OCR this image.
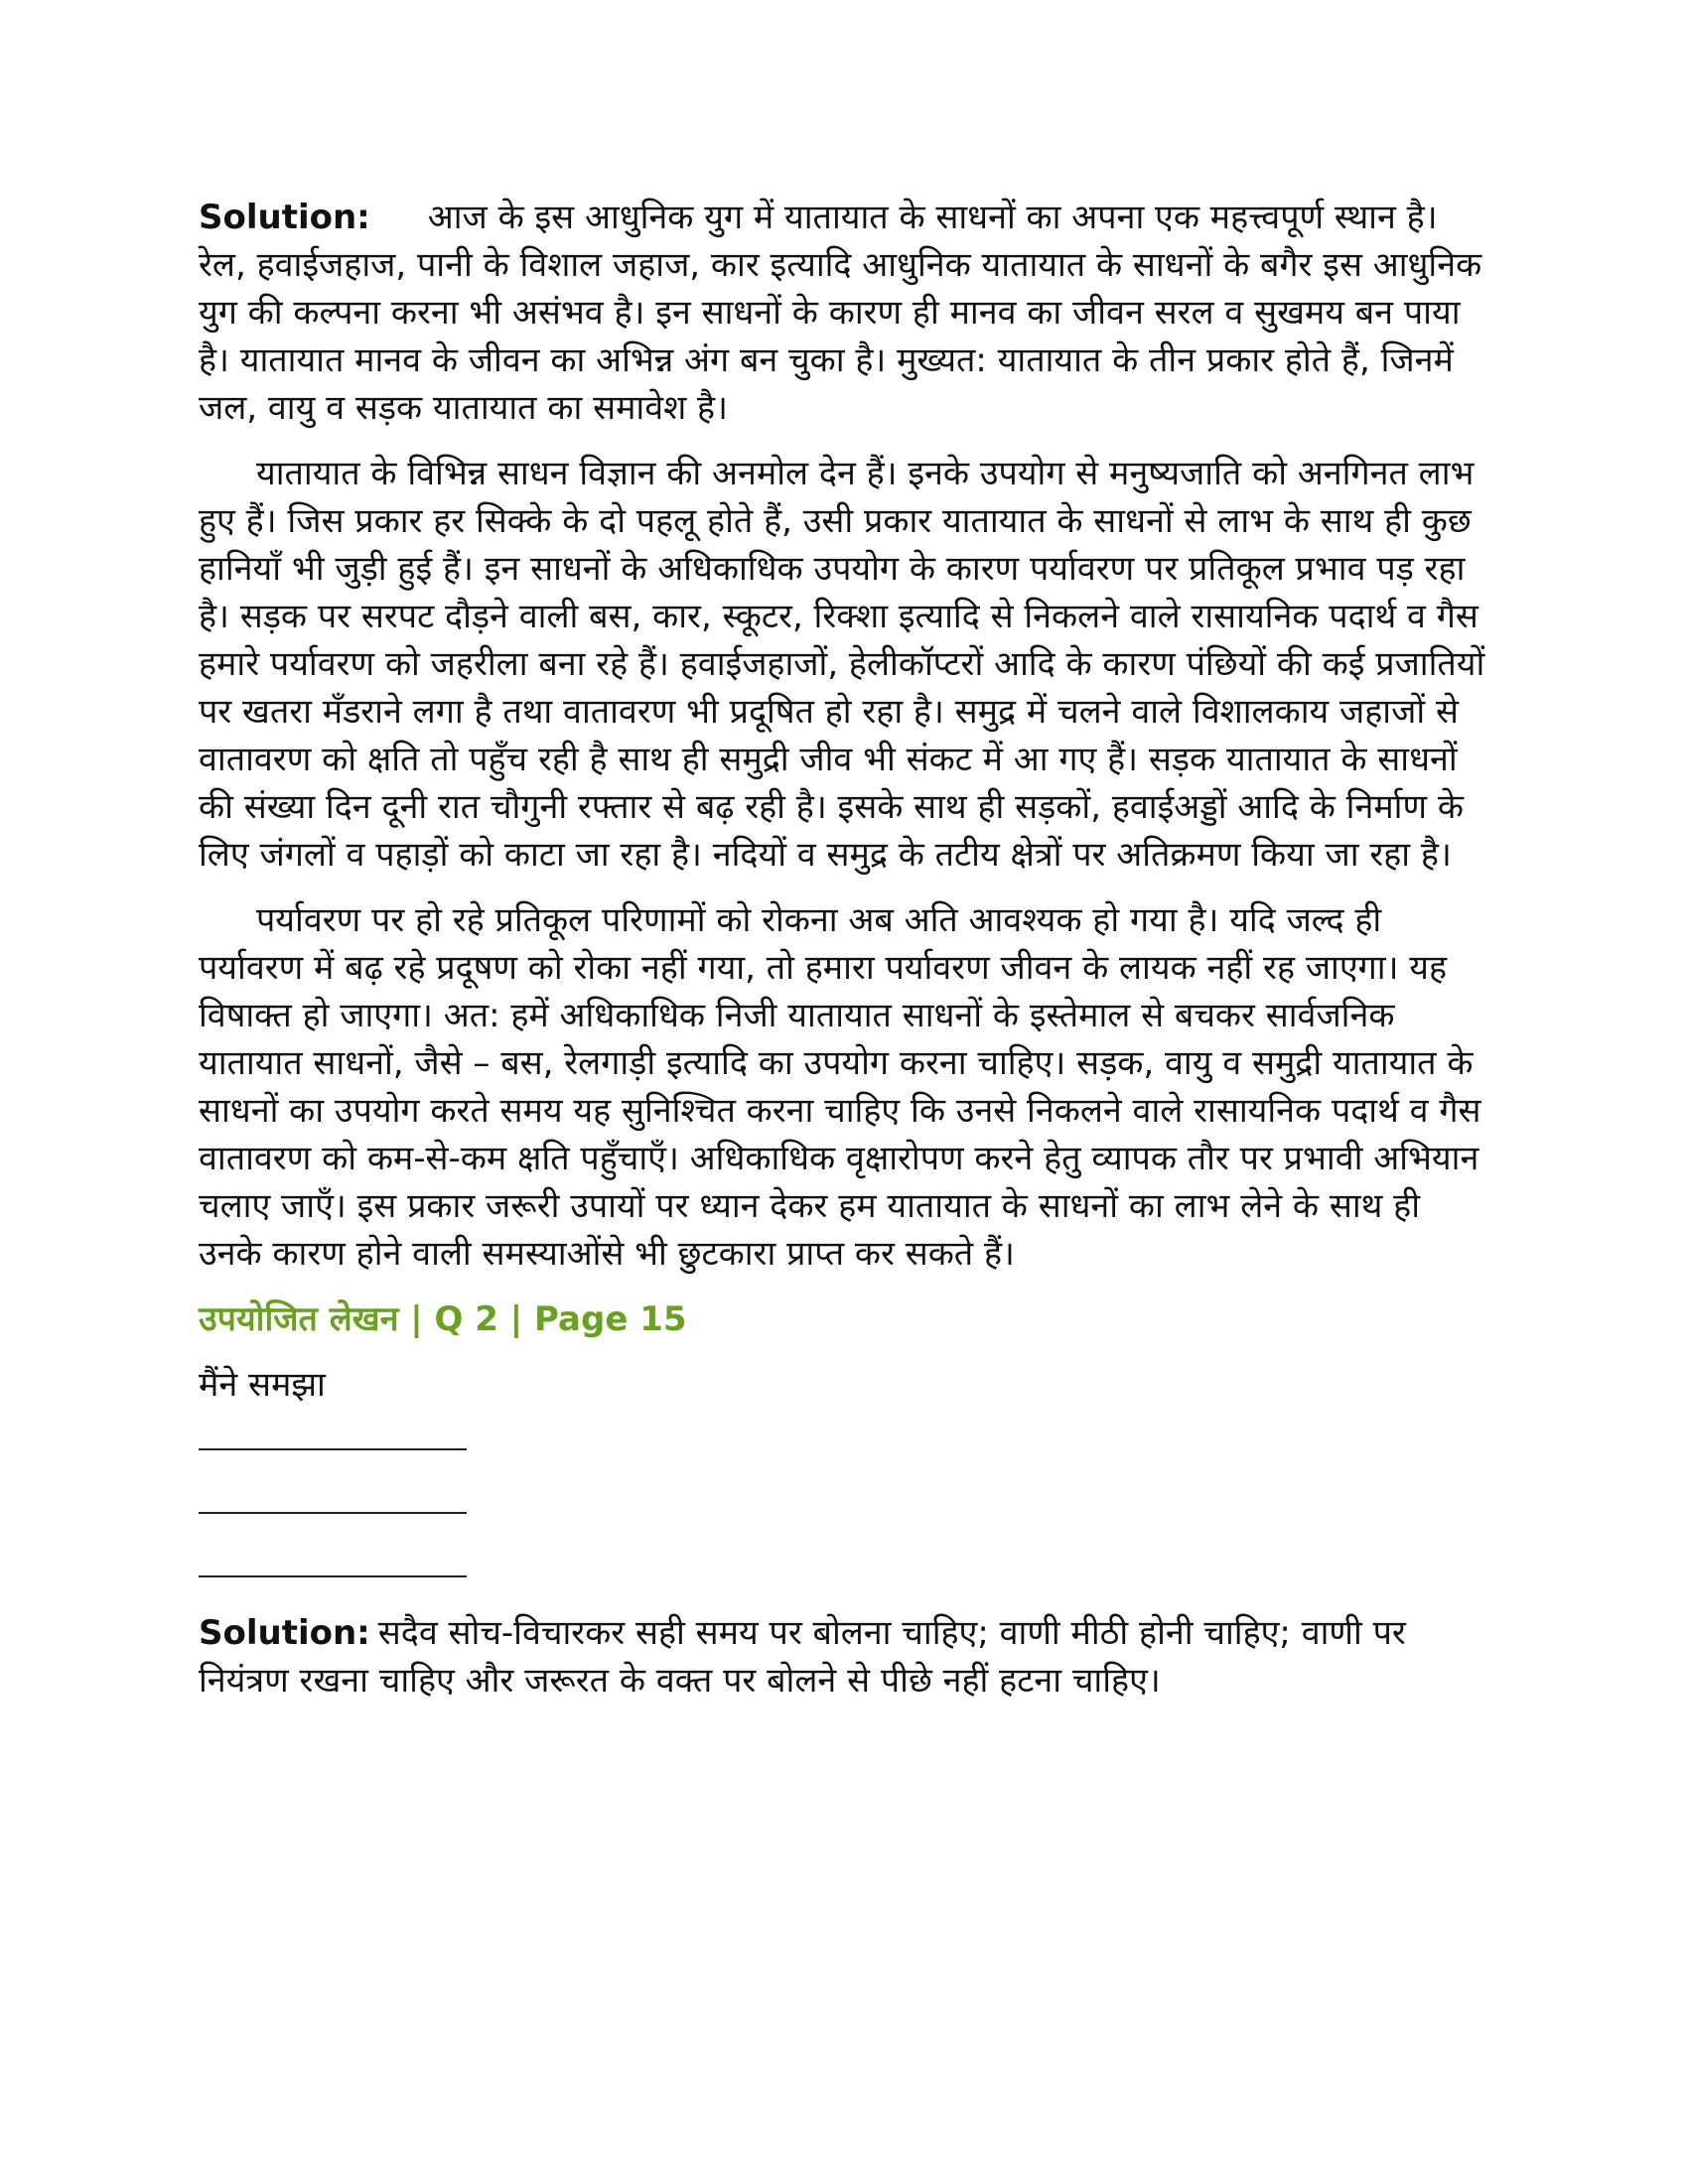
Solution: आज के इस आधुनिक युग में यातायात के साधनों का अपना एक महत्त्वपूर्ण स्थान है। रेल, हवाईजहाज, पानी के विशाल जहाज, कार इत्यादि आधुनिक यातायात के साधनों के बगैर इस आधुनिक युग की कल्पना करना भी असंभव है। इन साधनों के कारण ही मानव का जीवन सरल व सुखमय बन पाया है। यातायात मानव के जीवन का अभिन्न अंग बन चुका है। मुख्यत: यातायात के तीन प्रकार होते हैं, जिनमें जल, वायु व सड़क यातायात का समावेश है।

यातायात के विभिन्न साधन विज्ञान की अनमोल देन हैं। इनके उपयोग से मनुष्यजाति को अनगिनत लाभ हुए हैं। जिस प्रकार हर सिक्के के दो पहलू होते हैं, उसी प्रकार यातायात के साधनों से लाभ के साथ ही कुछ हानियाँ भी जुड़ी हुई हैं। इन साधनों के अधिकाधिक उपयोग के कारण पर्यावरण पर प्रतिकूल प्रभाव पड़ रहा है। सड़क पर सरपट दौड़ने वाली बस, कार, स्कूटर, रिक्शा इत्यादि से निकलने वाले रासायनिक पदार्थ व गैस हमारे पर्यावरण को जहरीला बना रहे हैं। हवाईजहाजों, हेलीकॉप्टरों आदि के कारण पंछियों की कई प्रजातियों पर खतरा मँडराने लगा है तथा वातावरण भी प्रदूषित हो रहा है। समुद्र में चलने वाले विशालकाय जहाजों से वातावरण को क्षति तो पहुँच रही है साथ ही समुद्री जीव भी संकट में आ गए हैं। सड़क यातायात के साधनों की संख्या दिन दूनी रात चौगुनी रफ्तार से बढ़ रही है। इसके साथ ही सड़कों, हवाईअड्डों आदि के निर्माण के लिए जंगलों व पहाड़ों को काटा जा रहा है। नदियों व समुद्र के तटीय क्षेत्रों पर अतिक्रमण किया जा रहा है।

पर्यावरण पर हो रहे प्रतिकूल परिणामों को रोकना अब अति आवश्यक हो गया है। यदि जल्द ही पर्यावरण में बढ़ रहे प्रदूषण को रोका नहीं गया, तो हमारा पर्यावरण जीवन के लायक नहीं रह जाएगा। यह विषाक्त हो जाएगा। अत: हमें अधिकाधिक निजी यातायात साधनों के इस्तेमाल से बचकर सार्वजनिक यातायात साधनों, जैसे – बस, रेलगाड़ी इत्यादि का उपयोग करना चाहिए। सड़क, वायु व समुद्री यातायात के साधनों का उपयोग करते समय यह सुनिश्चित करना चाहिए कि उनसे निकलने वाले रासायनिक पदार्थ व गैस वातावरण को कम-से-कम क्षति पहुँचाएँ। अधिकाधिक वृक्षारोपण करने हेतु व्यापक तौर पर प्रभावी अभियान चलाए जाएँ। इस प्रकार जरूरी उपायों पर ध्यान देकर हम यातायात के साधनों का लाभ लेने के साथ ही उनके कारण होने वाली समस्याओंसे भी छुटकारा प्राप्त कर सकते हैं।

उपयोजित लेखन | Q 2 | Page 15
मैंने समझा

Solution: सदैव सोच-विचारकर सही समय पर बोलना चाहिए; वाणी मीठी होनी चाहिए; वाणी पर नियंत्रण रखना चाहिए और जरूरत के वक्त पर बोलने से पीछे नहीं हटना चाहिए।
